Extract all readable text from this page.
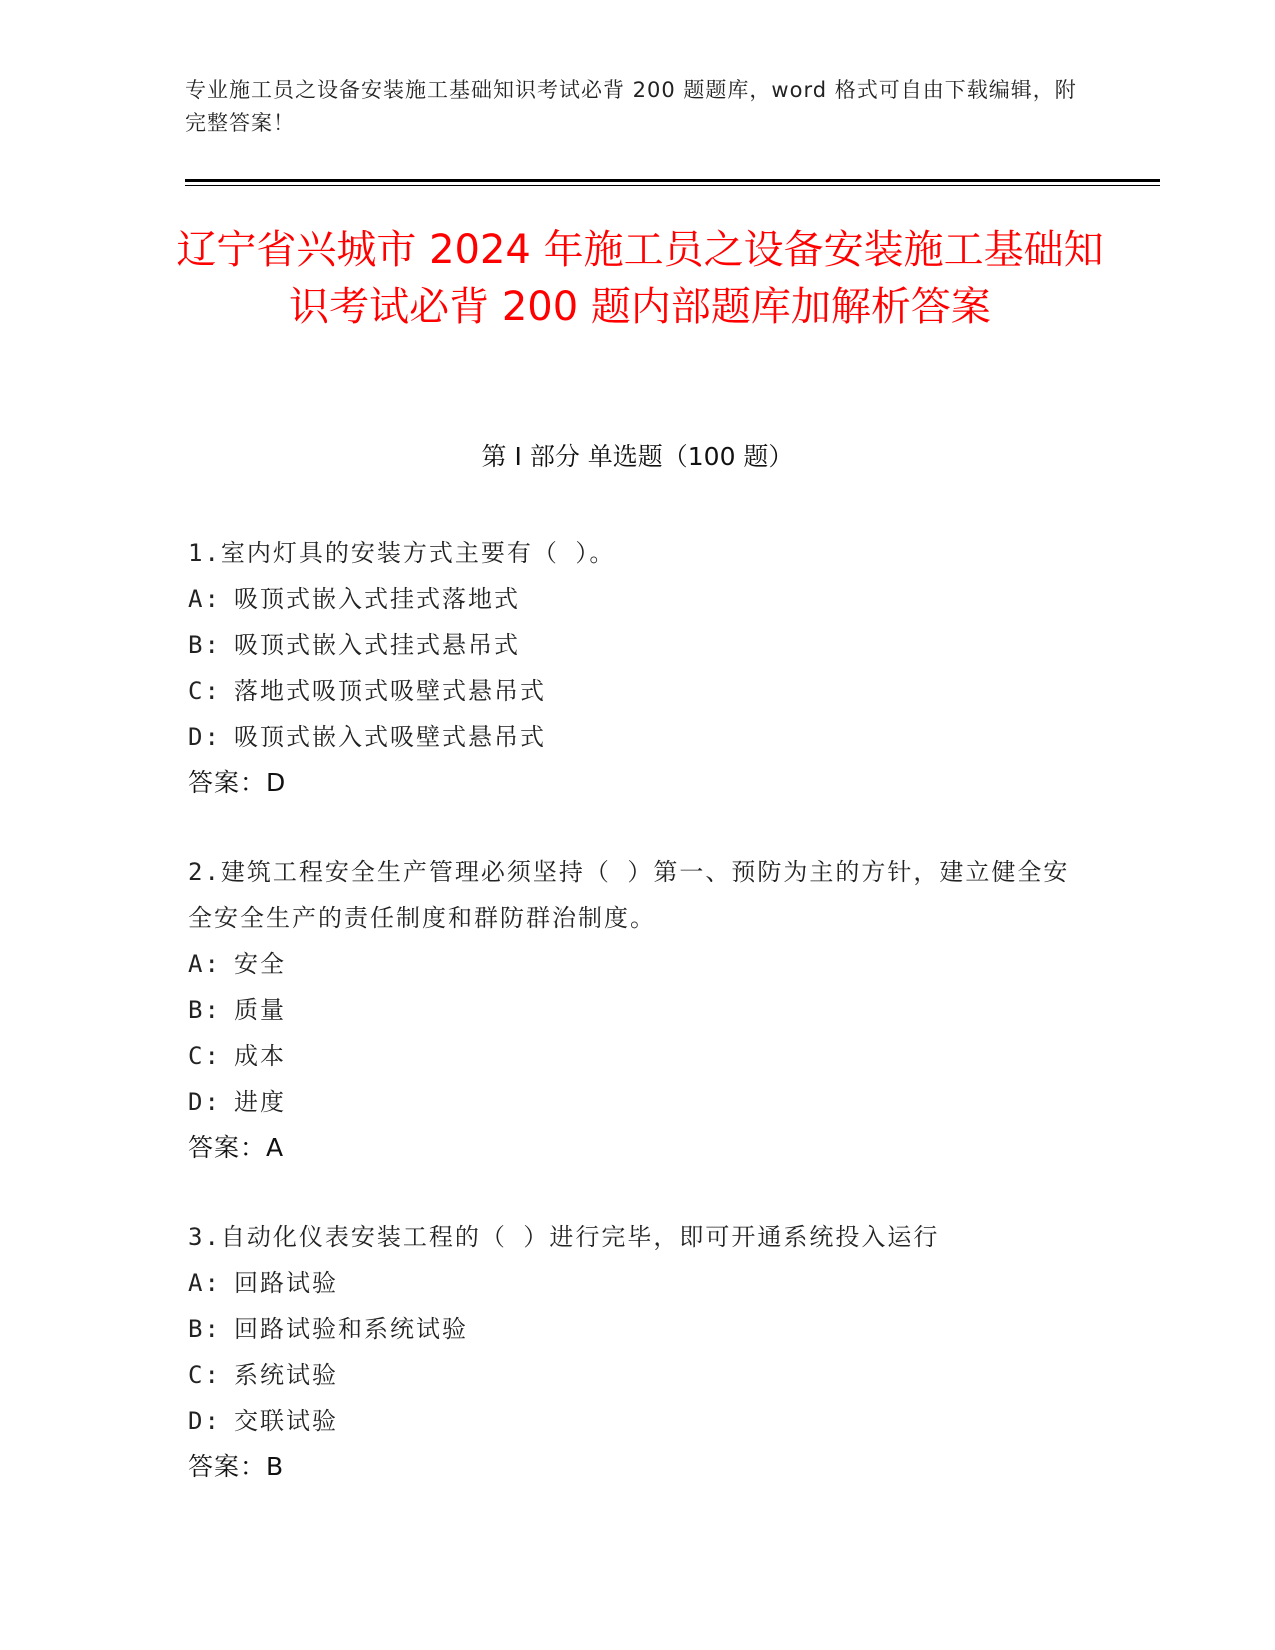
专业施工员之设备安装施工基础知识考试必背 200 题题库，word 格式可自由下载编辑，附完整答案！
辽宁省兴城市 2024 年施工员之设备安装施工基础知识考试必背 200 题内部题库加解析答案
第 I 部分 单选题（100 题）
1.室内灯具的安装方式主要有（ ）。
A: 吸顶式嵌入式挂式落地式
B: 吸顶式嵌入式挂式悬吊式
C: 落地式吸顶式吸壁式悬吊式
D: 吸顶式嵌入式吸壁式悬吊式
答案：D
2.建筑工程安全生产管理必须坚持（ ）第一、预防为主的方针，建立健全安全安全生产的责任制度和群防群治制度。
A: 安全
B: 质量
C: 成本
D: 进度
答案：A
3.自动化仪表安装工程的（ ）进行完毕，即可开通系统投入运行
A: 回路试验
B: 回路试验和系统试验
C: 系统试验
D: 交联试验
答案：B
